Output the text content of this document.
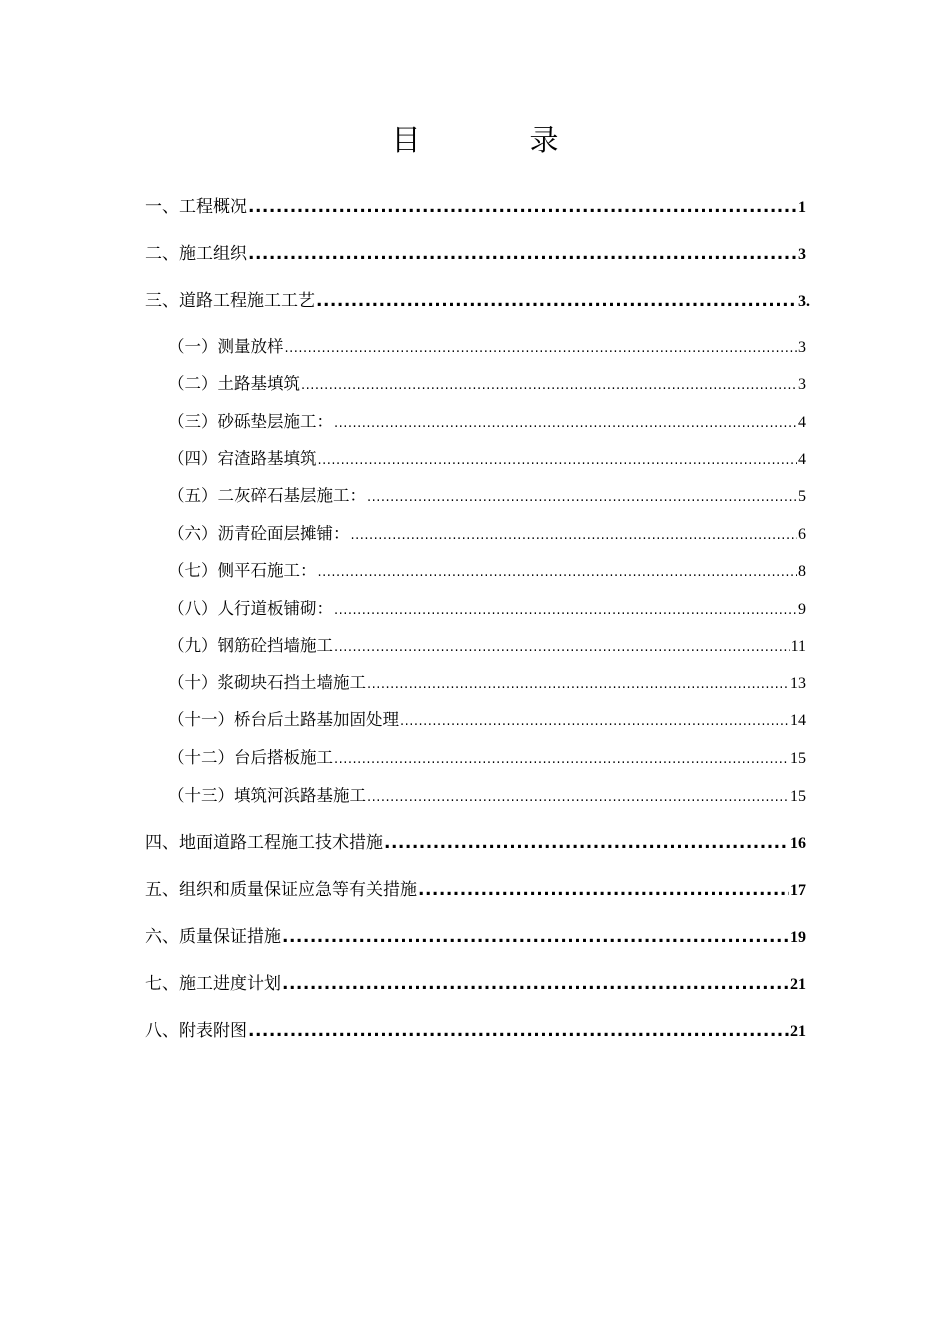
目　录
一、工程概况 .....	1
二、施工组织 .....	3
三、道路工程施工工艺 .....	3.
（一）测量放样 .....	3
（二）土路基填筑 .....	3
（三）砂砾垫层施工： .....	4
（四）宕渣路基填筑 .....	4
（五）二灰碎石基层施工： .....	5
（六）沥青砼面层摊铺： .....	6
（七）侧平石施工： .....	8
（八）人行道板铺砌： .....	9
（九）钢筋砼挡墙施工 .....	11
（十）浆砌块石挡土墙施工 .....	13
（十一）桥台后土路基加固处理 .....	14
（十二）台后搭板施工 .....	15
（十三）填筑河浜路基施工 .....	15
四、地面道路工程施工技术措施 .....	16
五、组织和质量保证应急等有关措施 .....	17
六、质量保证措施 .....	19
七、施工进度计划 .....	21
八、附表附图 .....	21
